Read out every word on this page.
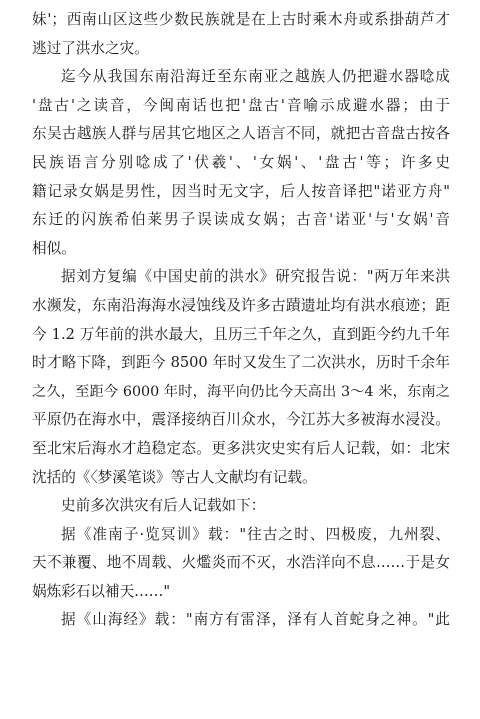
妹'；西南山区这些少数民族就是在上古时乘木舟或系掛葫芦才
逃过了洪水之灾。
迄今从我国东南沿海迁至东南亚之越族人仍把避水器唸成
'盘古'之读音，今闽南话也把'盘古'音喻示成避水器；由于
东吴古越族人群与居其它地区之人语言不同，就把古音盘古按各
民族语言分别唸成了'伏羲'、'女娲'、'盘古'等；许多史
籍记录女娲是男性，因当时无文字，后人按音译把"诺亚方舟"
东迁的闪族希伯莱男子误读成女娲；古音'诺亚'与'女娲'音
相似。
据刘方复编《中国史前的洪水》研究报告说："两万年来洪
水濒发，东南沿海海水浸蚀线及许多古蹟遗址均有洪水痕迹；距
今 1.2 万年前的洪水最大，且历三千年之久，直到距今约九千年
时才略下降，到距今 8500 年时又发生了二次洪水，历时千余年
之久，至距今 6000 年时，海平向仍比今天高出 3～4 米，东南之
平原仍在海水中，震泽接纳百川众水，今江苏大多被海水浸没。
至北宋后海水才趋稳定态。更多洪灾史实有后人记载，如：北宋
沈括的《〈梦溪笔谈》等古人文献均有记载。
史前多次洪灾有后人记载如下：
据《准南子·览冥训》载："往古之时、四极废，九州裂、
天不兼覆、地不周载、火爁炎而不灭，水浩洋向不息……于是女
娲炼彩石以補天……"
据《山海经》载："南方有雷泽，泽有人首蛇身之神。"此
